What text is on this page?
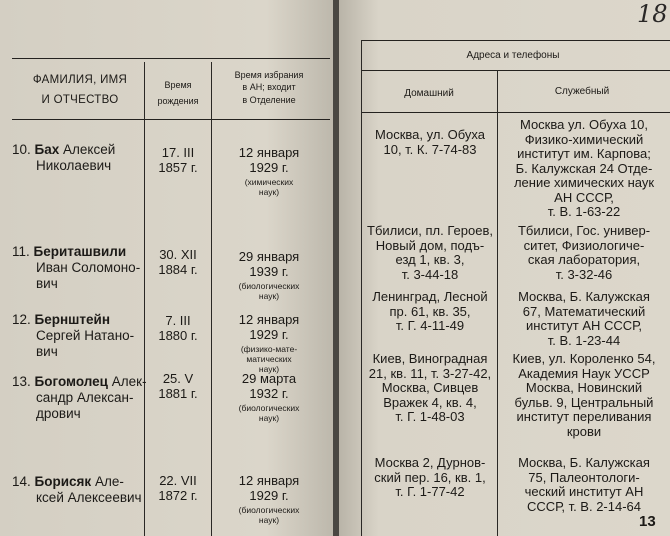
ФАМИЛИЯ, ИМЯ
И ОТЧЕСТВО
Время
рождения
Время избрания
в АН; входит
в Отделение
10. Бах Алексей
Николаевич
17. III
1857 г.
12 января
1929 г.
(химических
наук)
11. Бериташвили
Иван Соломоно-
вич
30. XII
1884 г.
29 января
1939 г.
(биологических
наук)
12. Бернштейн
Сергей Натано-
вич
7. III
1880 г.
12 января
1929 г.
(физико-мате-
матических
наук)
13. Богомолец Алек-
сандр Алексан-
дрович
25. V
1881 г.
29 марта
1932 г.
(биологических
наук)
14. Борисяк Але-
ксей Алексеевич
22. VII
1872 г.
12 января
1929 г.
(биологических
наук)
18
Адреса и телефоны
Домашний	Служебный
Москва, ул. Обуха
10, т. К. 7-74-83
Москва ул. Обуха 10,
Физико-химический
институт им. Карпова;
Б. Калужская 24 Отде-
ление химических наук
АН СССР,
т. В. 1-63-22
Тбилиси, пл. Героев,
Новый дом, подъ-
езд 1, кв. 3,
т. 3-44-18
Тбилиси, Гос. универ-
ситет, Физиологиче-
ская лаборатория,
т. 3-32-46
Ленинград, Лесной
пр. 61, кв. 35,
т. Г. 4-11-49
Москва, Б. Калужская
67, Математический
институт АН СССР,
т. В. 1-23-44
Киев, Виноградная
21, кв. 11, т. 3-27-42,
Москва, Сивцев
Вражек 4, кв. 4,
т. Г. 1-48-03
Киев, ул. Короленко 54,
Академия Наук УССР
Москва, Новинский
бульв. 9, Центральный
институт переливания
крови
Москва 2, Дурнов-
ский пер. 16, кв. 1,
т. Г. 1-77-42
Москва, Б. Калужская
75, Палеонтологи-
ческий институт АН
СССР, т. В. 2-14-64
13
